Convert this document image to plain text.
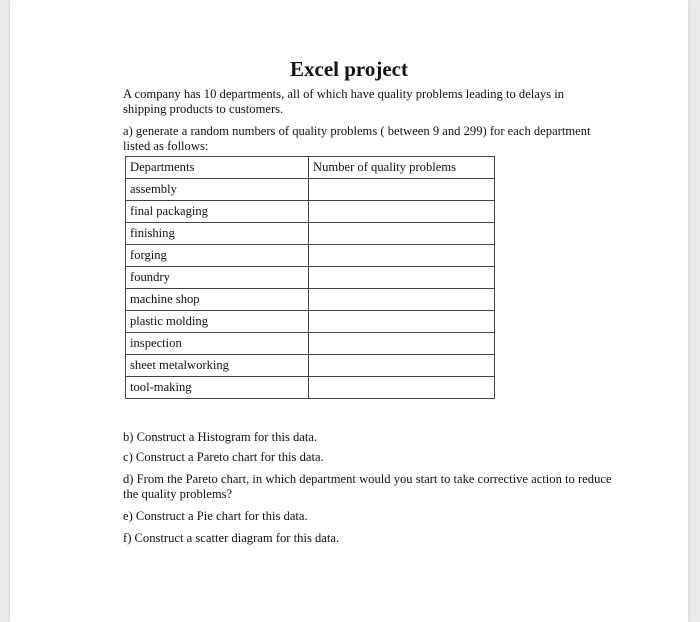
Excel project

A company has 10 departments, all of which have quality problems leading to delays in shipping products to customers.

a) generate a random numbers of quality problems ( between 9 and 299) for each department listed as follows:

Departments	Number of quality problems
assembly	
final packaging	
finishing	
forging	
foundry	
machine shop	
plastic molding	
inspection	
sheet metalworking	
tool-making	

b) Construct a Histogram for this data.

c) Construct a Pareto chart for this data.

d) From the Pareto chart, in which department would you start to take corrective action to reduce the quality problems?

e) Construct a Pie chart for this data.

f) Construct a scatter diagram for this data.
